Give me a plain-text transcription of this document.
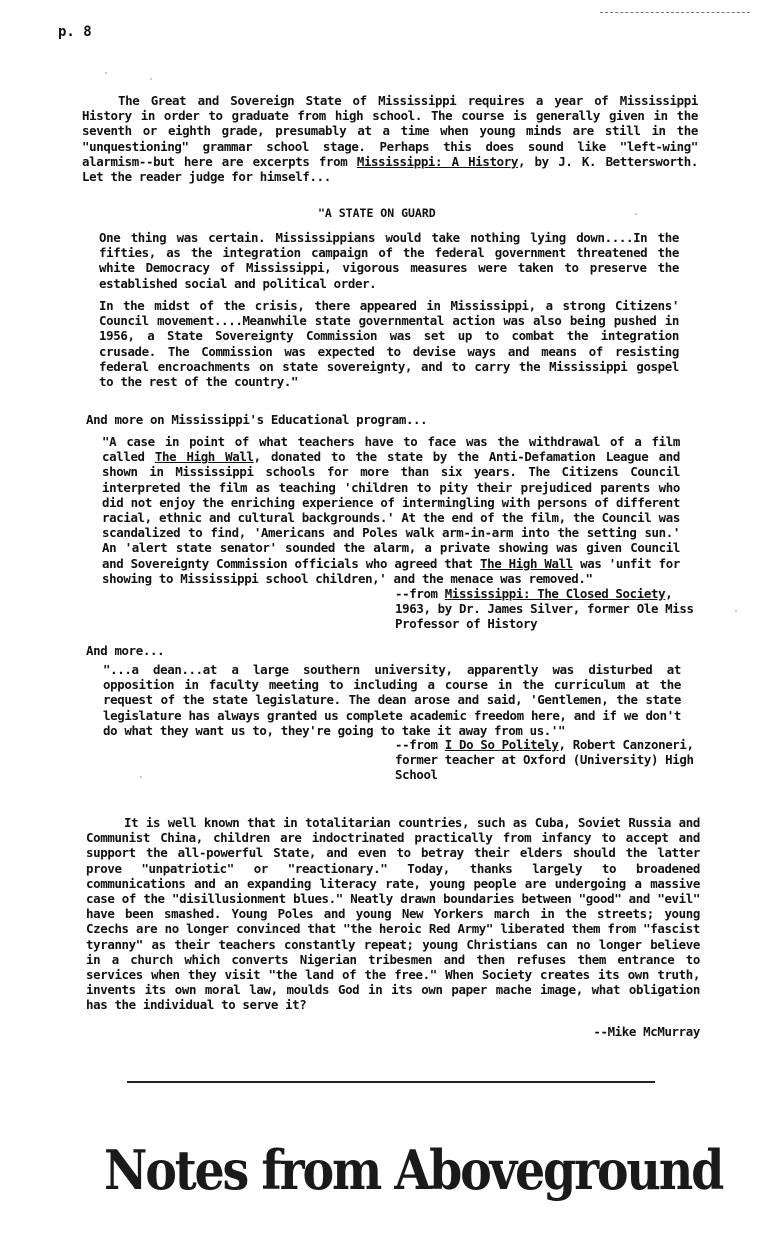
p. 8
The Great and Sovereign State of Mississippi requires a year of Mississippi History in order to graduate from high school. The course is generally given in the seventh or eighth grade, presumably at a time when young minds are still in the "unquestioning" grammar school stage. Perhaps this does sound like "left-wing" alarmism--but here are excerpts from Mississippi: A History, by J. K. Bettersworth. Let the reader judge for himself...
"A STATE ON GUARD
One thing was certain. Mississippians would take nothing lying down....In the fifties, as the integration campaign of the federal government threatened the white Democracy of Mississippi, vigorous measures were taken to preserve the established social and political order.
In the midst of the crisis, there appeared in Mississippi, a strong Citizens' Council movement....Meanwhile state governmental action was also being pushed in 1956, a State Sovereignty Commission was set up to combat the integration crusade. The Commission was expected to devise ways and means of resisting federal encroachments on state sovereignty, and to carry the Mississippi gospel to the rest of the country."
And more on Mississippi's Educational program...
"A case in point of what teachers have to face was the withdrawal of a film called The High Wall, donated to the state by the Anti-Defamation League and shown in Mississippi schools for more than six years. The Citizens Council interpreted the film as teaching 'children to pity their prejudiced parents who did not enjoy the enriching experience of intermingling with persons of different racial, ethnic and cultural backgrounds.' At the end of the film, the Council was scandalized to find, 'Americans and Poles walk arm-in-arm into the setting sun.' An 'alert state senator' sounded the alarm, a private showing was given Council and Sovereignty Commission officials who agreed that The High Wall was 'unfit for showing to Mississippi school children,' and the menace was removed."
--from Mississippi: The Closed Society, 1963, by Dr. James Silver, former Ole Miss Professor of History
And more...
"...a dean...at a large southern university, apparently was disturbed at opposition in faculty meeting to including a course in the curriculum at the request of the state legislature. The dean arose and said, 'Gentlemen, the state legislature has always granted us complete academic freedom here, and if we don't do what they want us to, they're going to take it away from us.'"
--from I Do So Politely, Robert Canzoneri, former teacher at Oxford (University) High School
It is well known that in totalitarian countries, such as Cuba, Soviet Russia and Communist China, children are indoctrinated practically from infancy to accept and support the all-powerful State, and even to betray their elders should the latter prove "unpatriotic" or "reactionary." Today, thanks largely to broadened communications and an expanding literacy rate, young people are undergoing a massive case of the "disillusionment blues." Neatly drawn boundaries between "good" and "evil" have been smashed. Young Poles and young New Yorkers march in the streets; young Czechs are no longer convinced that "the heroic Red Army" liberated them from "fascist tyranny" as their teachers constantly repeat; young Christians can no longer believe in a church which converts Nigerian tribesmen and then refuses them entrance to services when they visit "the land of the free." When Society creates its own truth, invents its own moral law, moulds God in its own paper mache image, what obligation has the individual to serve it?
--Mike McMurray
Notes from Aboveground
